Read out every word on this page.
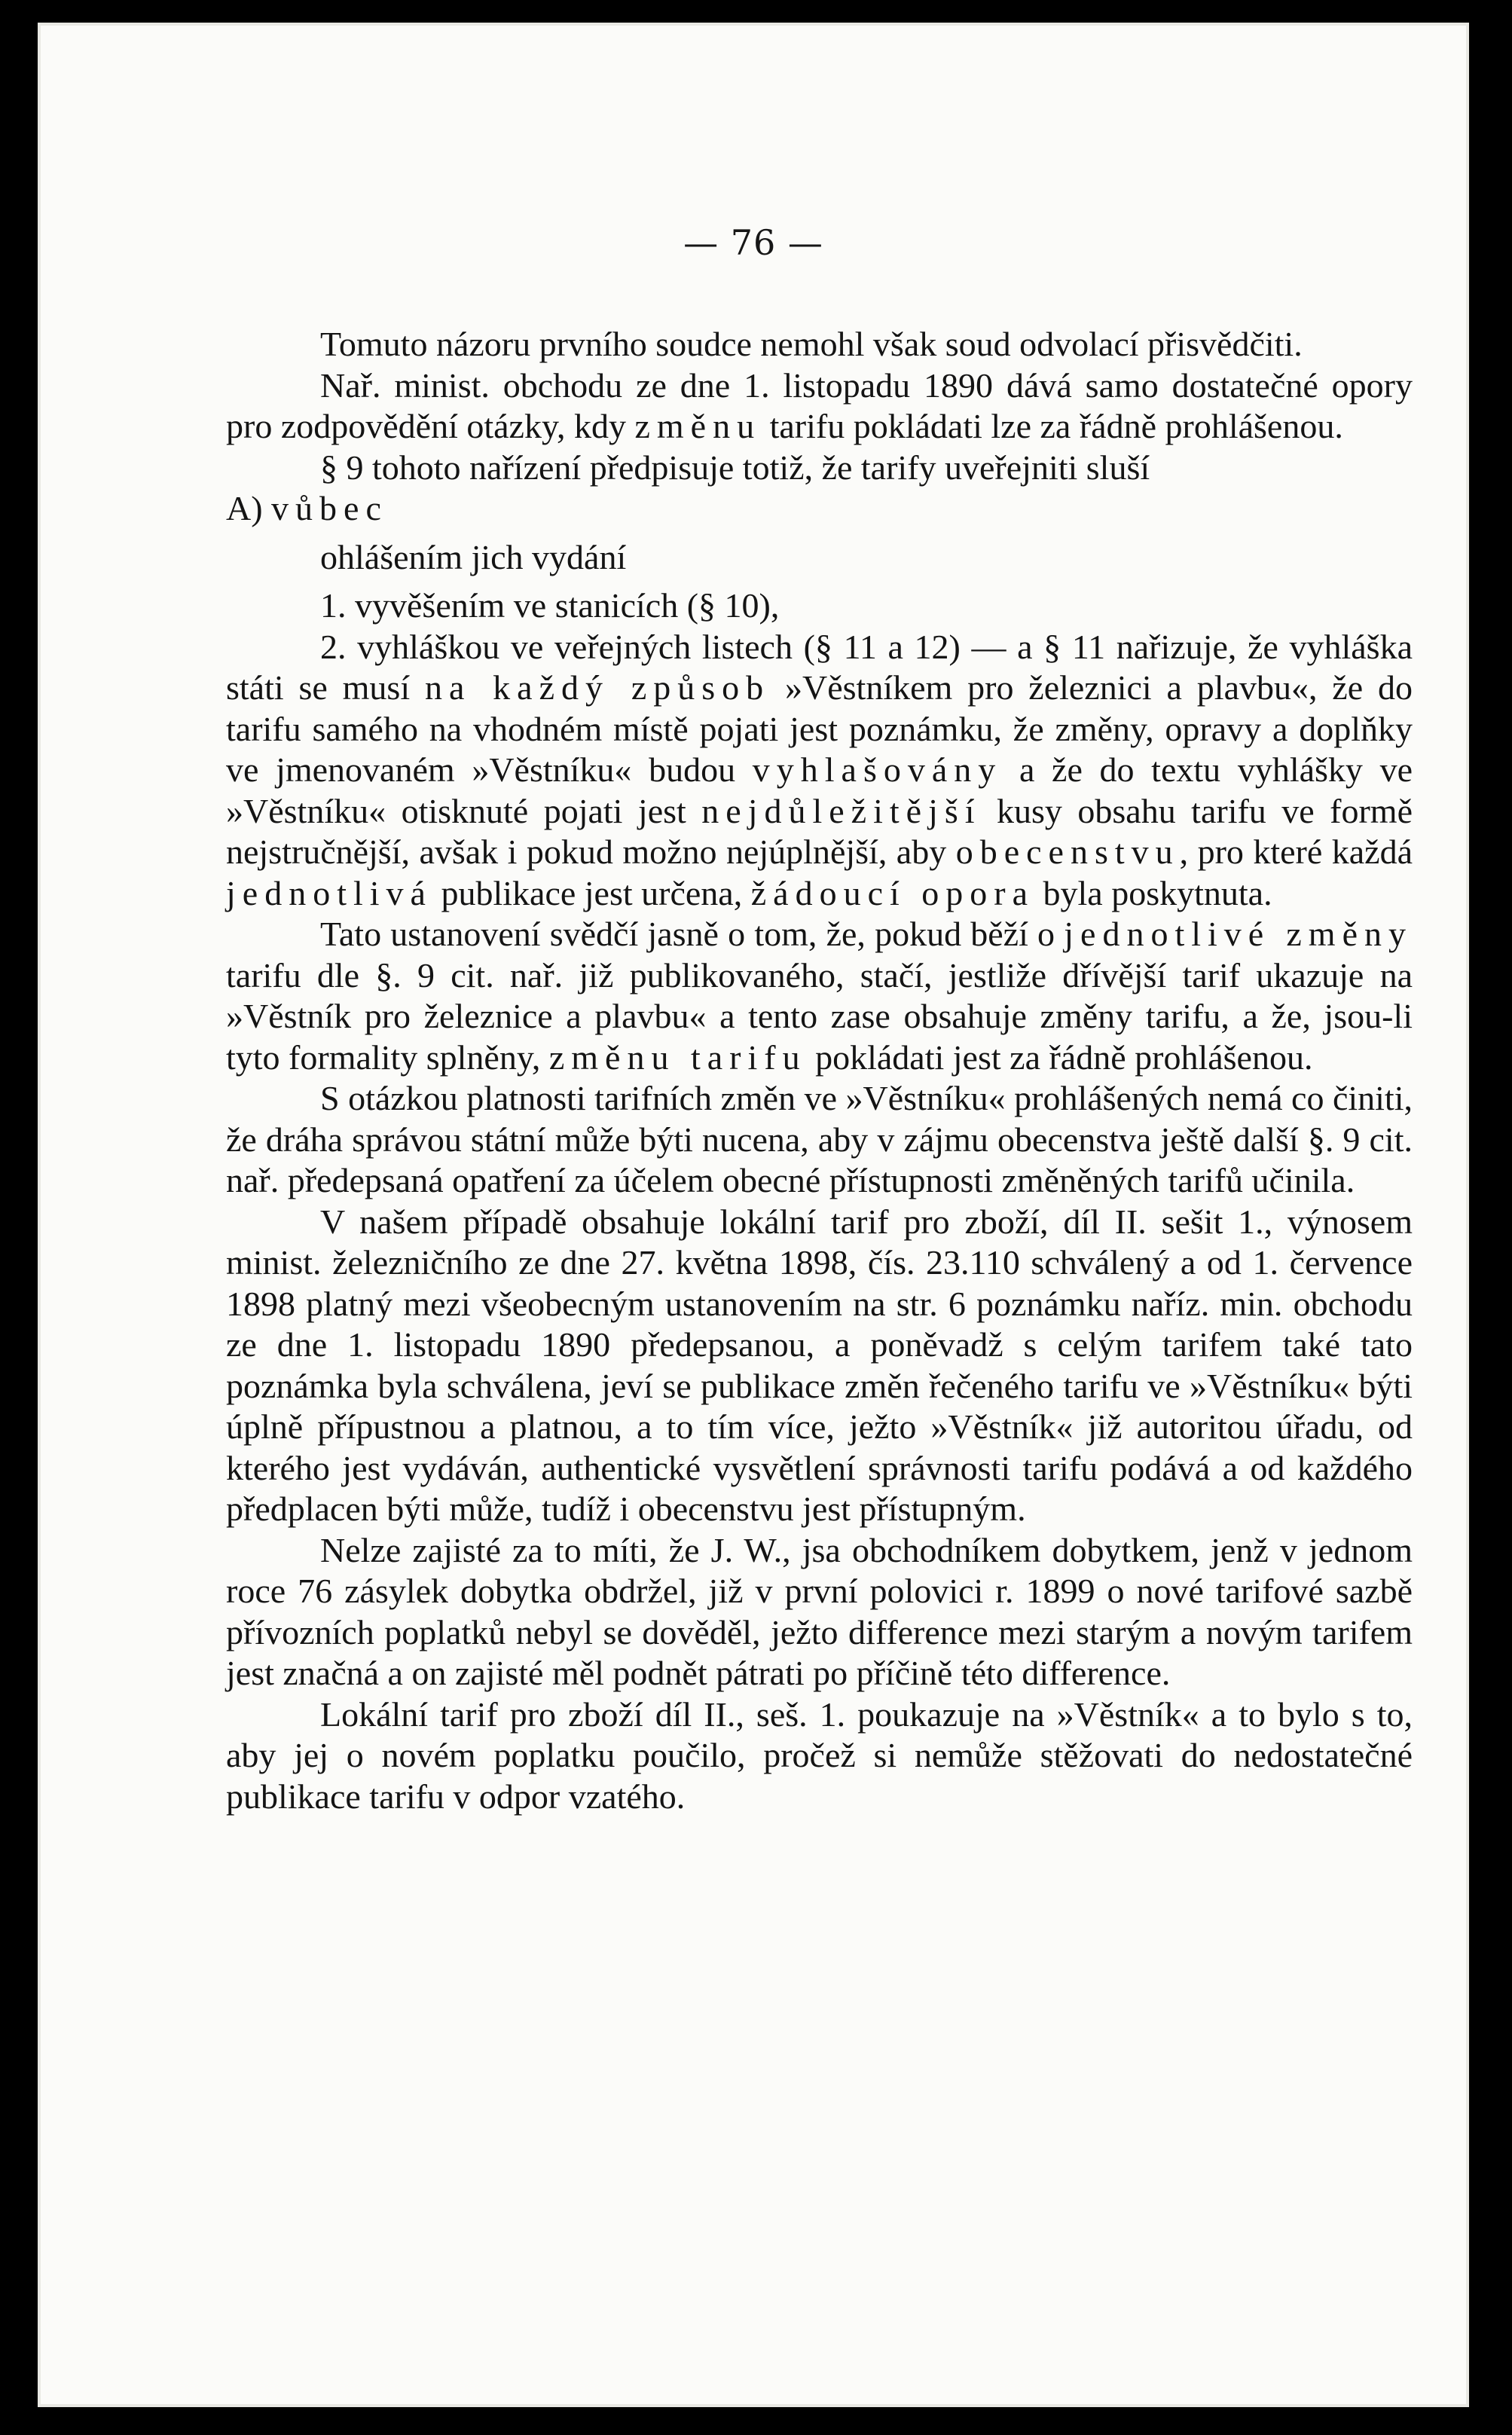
— 76 —

Tomuto názoru prvního soudce nemohl však soud odvolací přisvědčiti.

Nař. minist. obchodu ze dne 1. listopadu 1890 dává samo dostatečné opory pro zodpovědění otázky, kdy změnu tarifu pokládati lze za řádně prohlášenou.

§ 9 tohoto nařízení předpisuje totiž, že tarify uveřejniti sluší

A) vůbec

ohlášením jich vydání

1. vyvěšením ve stanicích (§ 10),

2. vyhláškou ve veřejných listech (§ 11 a 12) — a § 11 nařizuje, že vyhláška státi se musí na každý způsob »Věstníkem pro železnici a plavbu«, že do tarifu samého na vhodném místě pojati jest poznámku, že změny, opravy a doplňky ve jmenovaném »Věstníku« budou vyhlašovány a že do textu vyhlášky ve »Věstníku« otisknuté pojati jest nejdůležitější kusy obsahu tarifu ve formě nejstručnější, avšak i pokud možno nejúplnější, aby obecenstvu, pro které každá jednotlivá publikace jest určena, žádoucí opora byla poskytnuta.

Tato ustanovení svědčí jasně o tom, že, pokud běží o jednotlivé změny tarifu dle §. 9 cit. nař. již publikovaného, stačí, jestliže dřívější tarif ukazuje na »Věstník pro železnice a plavbu« a tento zase obsahuje změny tarifu, a že, jsou-li tyto formality splněny, změnu tarifu pokládati jest za řádně prohlášenou.

S otázkou platnosti tarifních změn ve »Věstníku« prohlášených nemá co činiti, že dráha správou státní může býti nucena, aby v zájmu obecenstva ještě další §. 9 cit. nař. předepsaná opatření za účelem obecné přístupnosti změněných tarifů učinila.

V našem případě obsahuje lokální tarif pro zboží, díl II. sešit 1., výnosem minist. železničního ze dne 27. května 1898, čís. 23.110 schválený a od 1. července 1898 platný mezi všeobecným ustanovením na str. 6 poznámku naříz. min. obchodu ze dne 1. listopadu 1890 předepsanou, a poněvadž s celým tarifem také tato poznámka byla schválena, jeví se publikace změn řečeného tarifu ve »Věstníku« býti úplně přípustnou a platnou, a to tím více, ježto »Věstník« již autoritou úřadu, od kterého jest vydáván, authentické vysvětlení správnosti tarifu podává a od každého předplacen býti může, tudíž i obecenstvu jest přístupným.

Nelze zajisté za to míti, že J. W., jsa obchodníkem dobytkem, jenž v jednom roce 76 zásylek dobytka obdržel, již v první polovici r. 1899 o nové tarifové sazbě přívozních poplatků nebyl se dověděl, ježto difference mezi starým a novým tarifem jest značná a on zajisté měl podnět pátrati po příčině této difference.

Lokální tarif pro zboží díl II., seš. 1. poukazuje na »Věstník« a to bylo s to, aby jej o novém poplatku poučilo, pročež si nemůže stěžovati do nedostatečné publikace tarifu v odpor vzatého.
